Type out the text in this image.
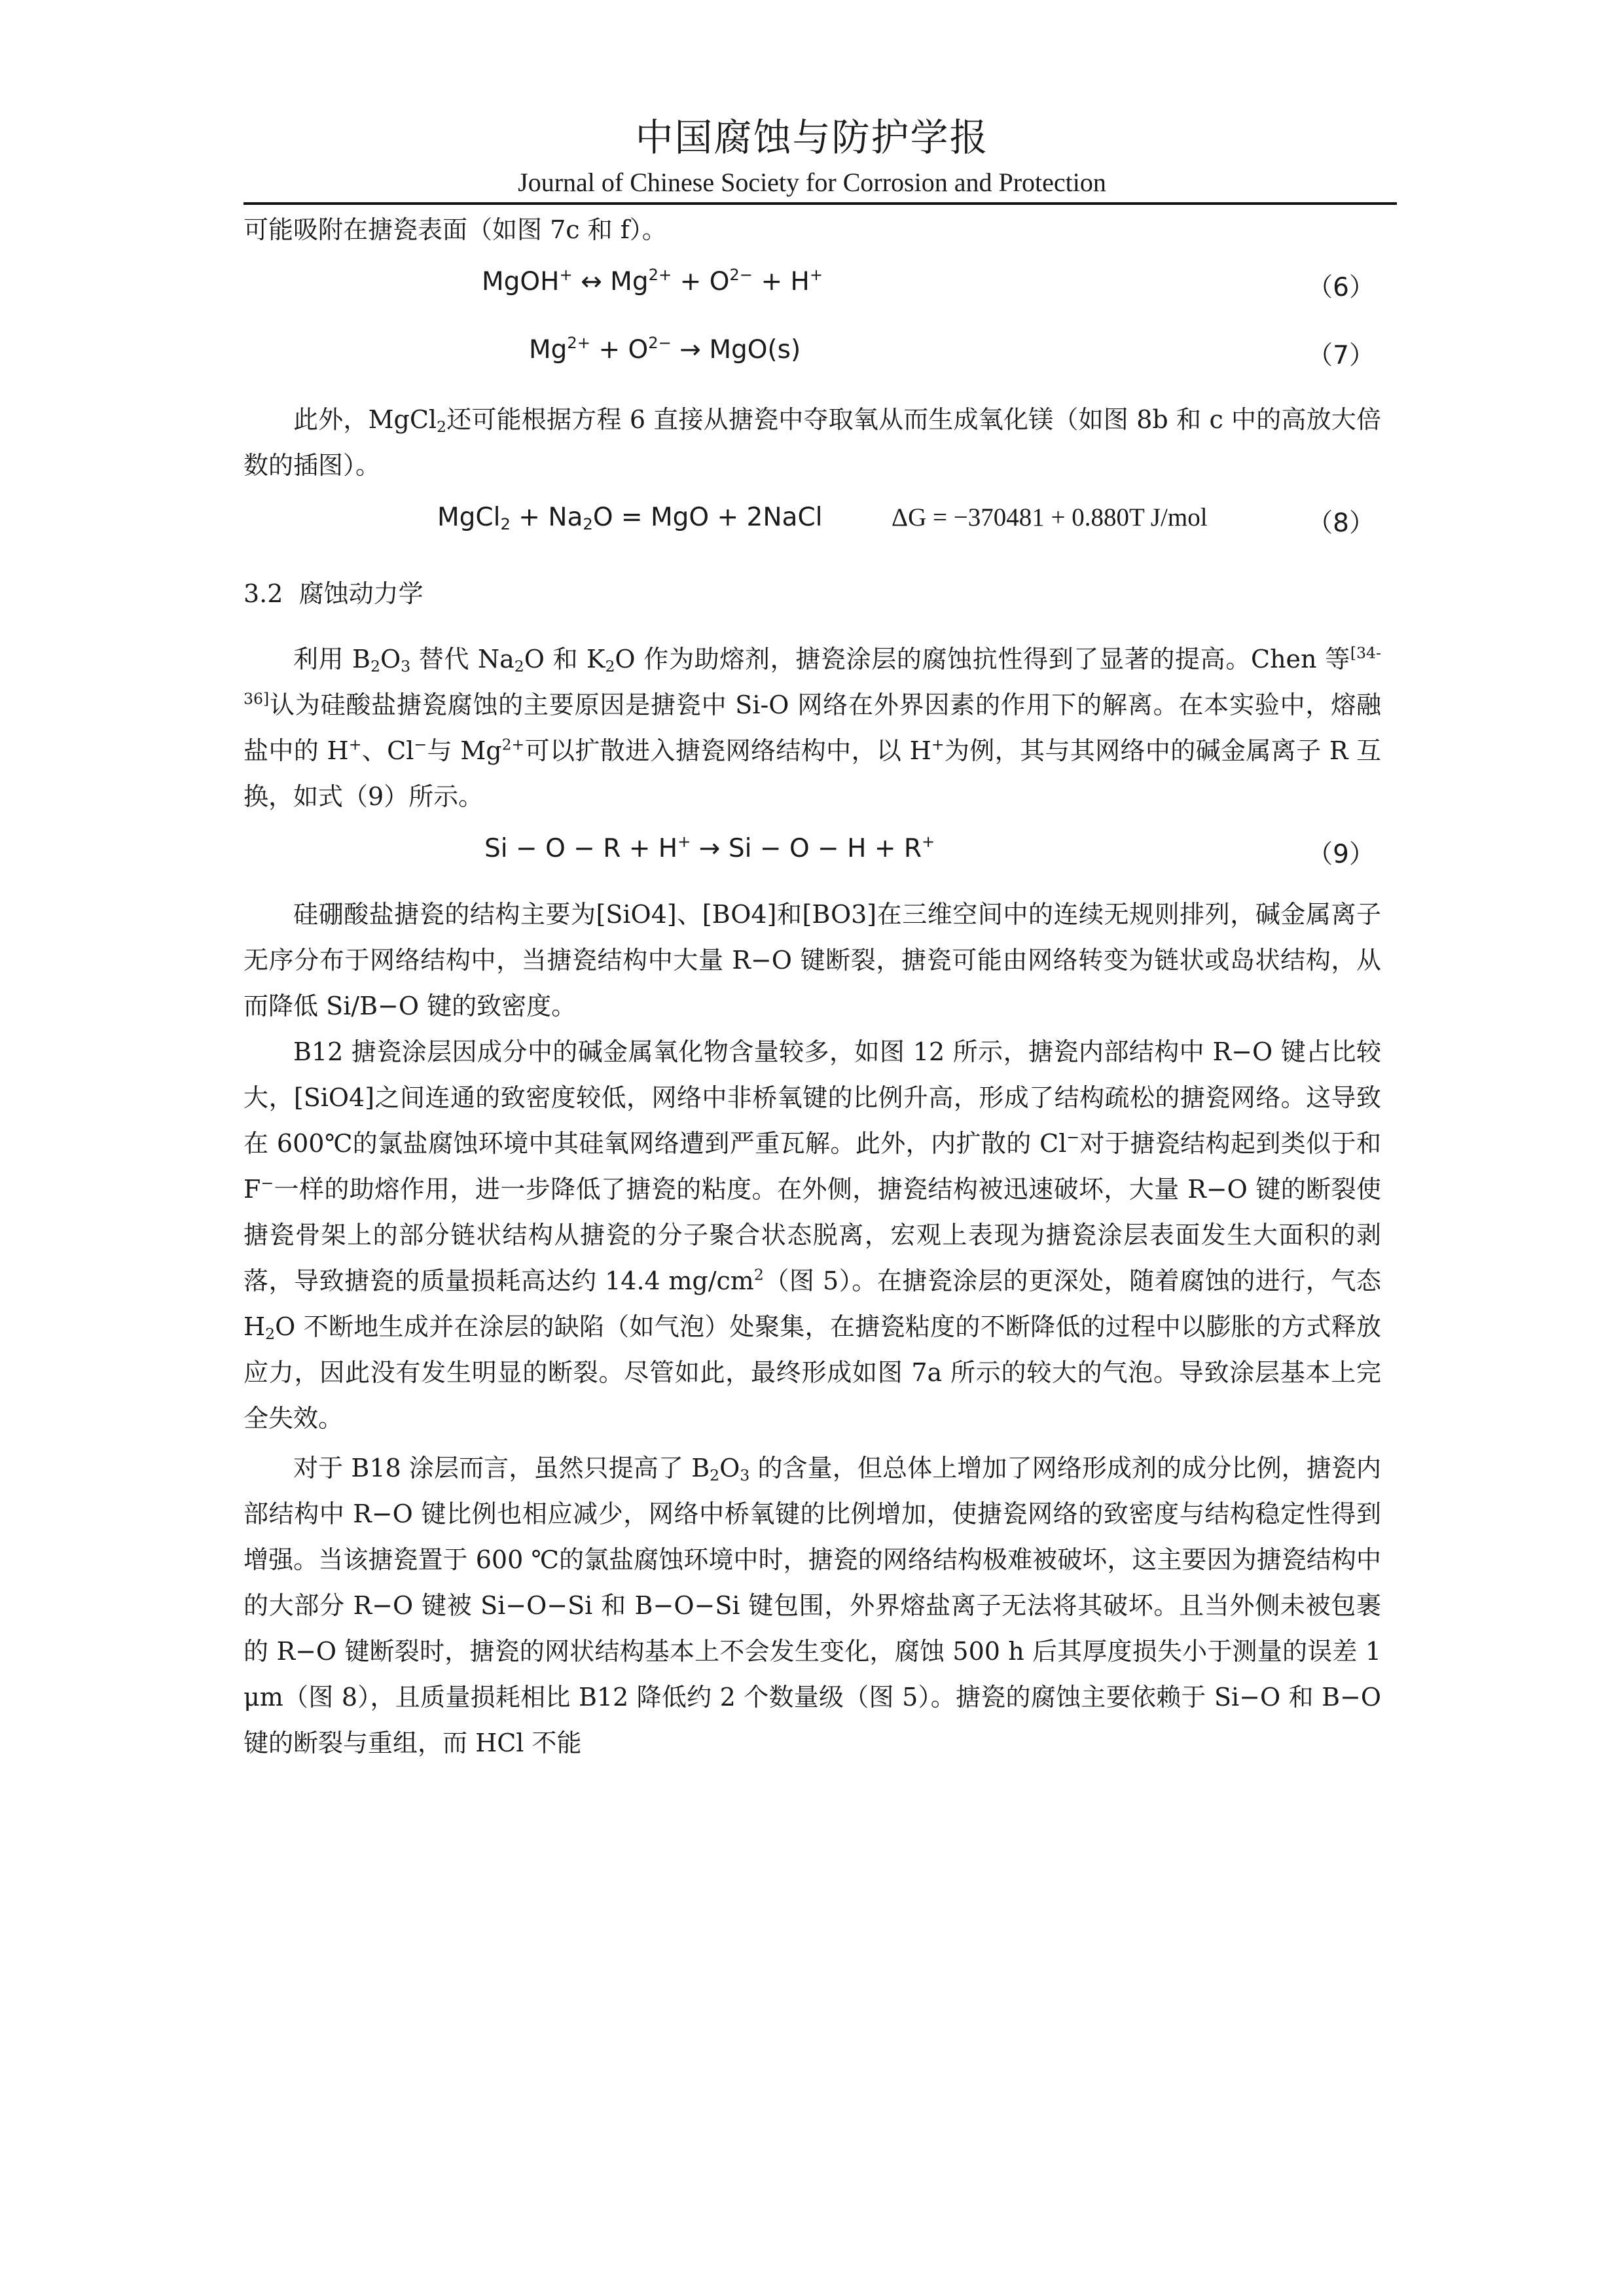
中国腐蚀与防护学报
Journal of Chinese Society for Corrosion and Protection

可能吸附在搪瓷表面（如图 7c 和 f）。

MgOH+ ↔ $Mg^{2+} + O^{2-} + H^+$	（6）
$Mg^{2+} + O^{2-} \to MgO(s)$	（7）

此外，MgCl$_2$还可能根据方程 6 直接从搪瓷中夺取氧从而生成氧化镁（如图 8b 和 c 中的高放大倍数的插图）。

MgCl$_2$ + $Na_2O$ = MgO + 2NaCl	ΔG = −370481 + 0.880T J/mol	（8）
3.2 腐蚀动力学

利用 $B_2O_3$ 替代 $Na_2O$ 和 $K_2O$ 作为助熔剂，搪瓷涂层的腐蚀抗性得到了显著的提高。Chen 等[34-36]认为硅酸盐搪瓷腐蚀的主要原因是搪瓷中 Si-O 网络在外界因素的作用下的解离。在本实验中，熔融盐中的 H+、Cl−与 $Mg^{2+}$可以扩散进入搪瓷网络结构中，以 H+为例，其与其网络中的碱金属离子 R 互换，如式（9）所示。

Si − O − R + H+ → Si − O − H + R+	（9）

硅硼酸盐搪瓷的结构主要为[SiO4]、[BO4]和[BO3]在三维空间中的连续无规则排列，碱金属离子无序分布于网络结构中，当搪瓷结构中大量 R−O 键断裂，搪瓷可能由网络转变为链状或岛状结构，从而降低 Si/B−O 键的致密度。

B12 搪瓷涂层因成分中的碱金属氧化物含量较多，如图 12 所示，搪瓷内部结构中 R−O 键占比较大，[SiO4]之间连通的致密度较低，网络中非桥氧键的比例升高，形成了结构疏松的搪瓷网络。这导致在 600℃的氯盐腐蚀环境中其硅氧网络遭到严重瓦解。此外，内扩散的 Cl−对于搪瓷结构起到类似于和 F−一样的助熔作用，进一步降低了搪瓷的粘度。在外侧，搪瓷结构被迅速破坏，大量 R−O 键的断裂使搪瓷骨架上的部分链状结构从搪瓷的分子聚合状态脱离，宏观上表现为搪瓷涂层表面发生大面积的剥落，导致搪瓷的质量损耗高达约 14.4 $mg/cm^2$（图 5）。在搪瓷涂层的更深处，随着腐蚀的进行，气态 $H_2O$ 不断地生成并在涂层的缺陷（如气泡）处聚集，在搪瓷粘度的不断降低的过程中以膨胀的方式释放应力，因此没有发生明显的断裂。尽管如此，最终形成如图 7a 所示的较大的气泡。导致涂层基本上完全失效。

对于 B18 涂层而言，虽然只提高了 $B_2O_3$ 的含量，但总体上增加了网络形成剂的成分比例，搪瓷内部结构中 R−O 键比例也相应减少，网络中桥氧键的比例增加，使搪瓷网络的致密度与结构稳定性得到增强。当该搪瓷置于 600 ℃的氯盐腐蚀环境中时，搪瓷的网络结构极难被破坏，这主要因为搪瓷结构中的大部分 R−O 键被 Si−O−Si 和 B−O−Si 键包围，外界熔盐离子无法将其破坏。且当外侧未被包裹的 R−O 键断裂时，搪瓷的网状结构基本上不会发生变化，腐蚀 500 h 后其厚度损失小于测量的误差 1 μm（图 8），且质量损耗相比 B12 降低约 2 个数量级（图 5）。搪瓷的腐蚀主要依赖于 Si−O 和 B−O 键的断裂与重组，而 HCl 不能
